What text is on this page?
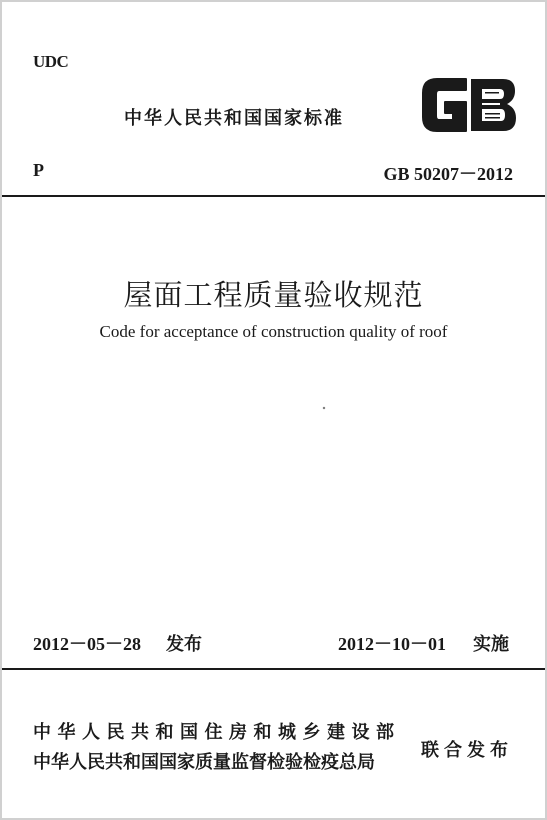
UDC
中华人民共和国国家标准
P	GB 50207－2012
屋面工程质量验收规范
Code for acceptance of construction quality of roof
2012－05－28 发布	2012－10－01 实施
中华人民共和国住房和城乡建设部
中华人民共和国国家质量监督检验检疫总局
联合发布
